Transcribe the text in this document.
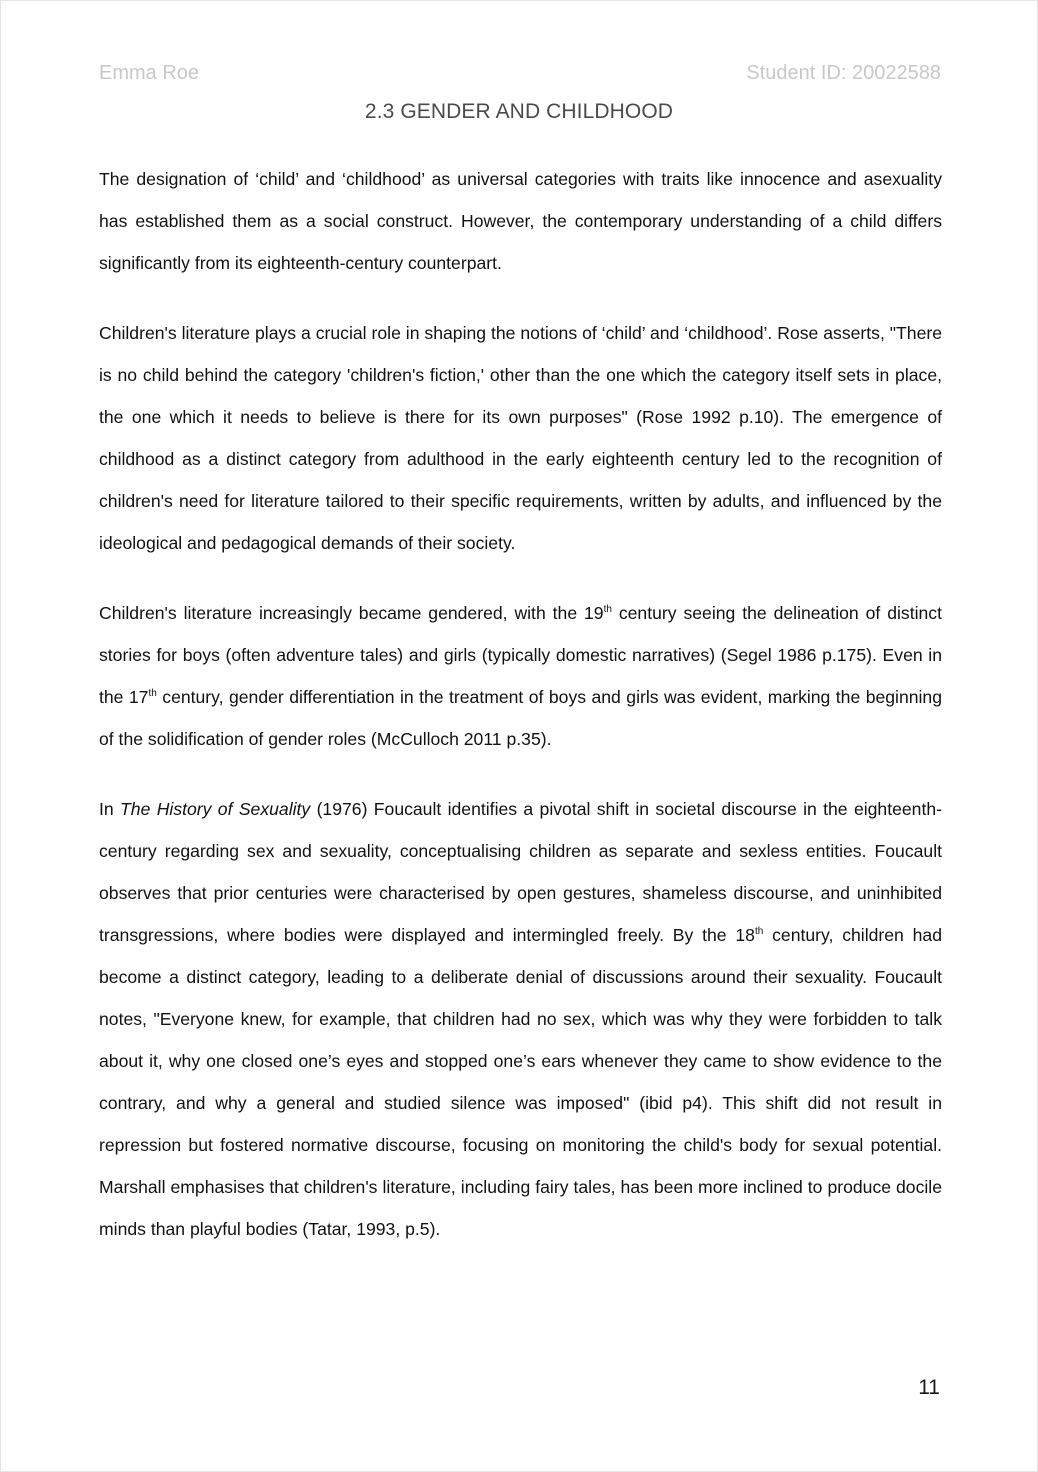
Emma Roe	Student ID: 20022588
2.3 GENDER AND CHILDHOOD

The designation of ‘child’ and ‘childhood’ as universal categories with traits like innocence and asexuality has established them as a social construct. However, the contemporary understanding of a child differs significantly from its eighteenth-century counterpart.

Children's literature plays a crucial role in shaping the notions of ‘child’ and ‘childhood’. Rose asserts, "There is no child behind the category 'children's fiction,' other than the one which the category itself sets in place, the one which it needs to believe is there for its own purposes" (Rose 1992 p.10). The emergence of childhood as a distinct category from adulthood in the early eighteenth century led to the recognition of children's need for literature tailored to their specific requirements, written by adults, and influenced by the ideological and pedagogical demands of their society.

Children's literature increasingly became gendered, with the 19th century seeing the delineation of distinct stories for boys (often adventure tales) and girls (typically domestic narratives) (Segel 1986 p.175). Even in the 17th century, gender differentiation in the treatment of boys and girls was evident, marking the beginning of the solidification of gender roles (McCulloch 2011 p.35).

In The History of Sexuality (1976) Foucault identifies a pivotal shift in societal discourse in the eighteenth-century regarding sex and sexuality, conceptualising children as separate and sexless entities. Foucault observes that prior centuries were characterised by open gestures, shameless discourse, and uninhibited transgressions, where bodies were displayed and intermingled freely. By the 18th century, children had become a distinct category, leading to a deliberate denial of discussions around their sexuality. Foucault notes, "Everyone knew, for example, that children had no sex, which was why they were forbidden to talk about it, why one closed one’s eyes and stopped one’s ears whenever they came to show evidence to the contrary, and why a general and studied silence was imposed" (ibid p4). This shift did not result in repression but fostered normative discourse, focusing on monitoring the child's body for sexual potential. Marshall emphasises that children's literature, including fairy tales, has been more inclined to produce docile minds than playful bodies (Tatar, 1993, p.5).

11
